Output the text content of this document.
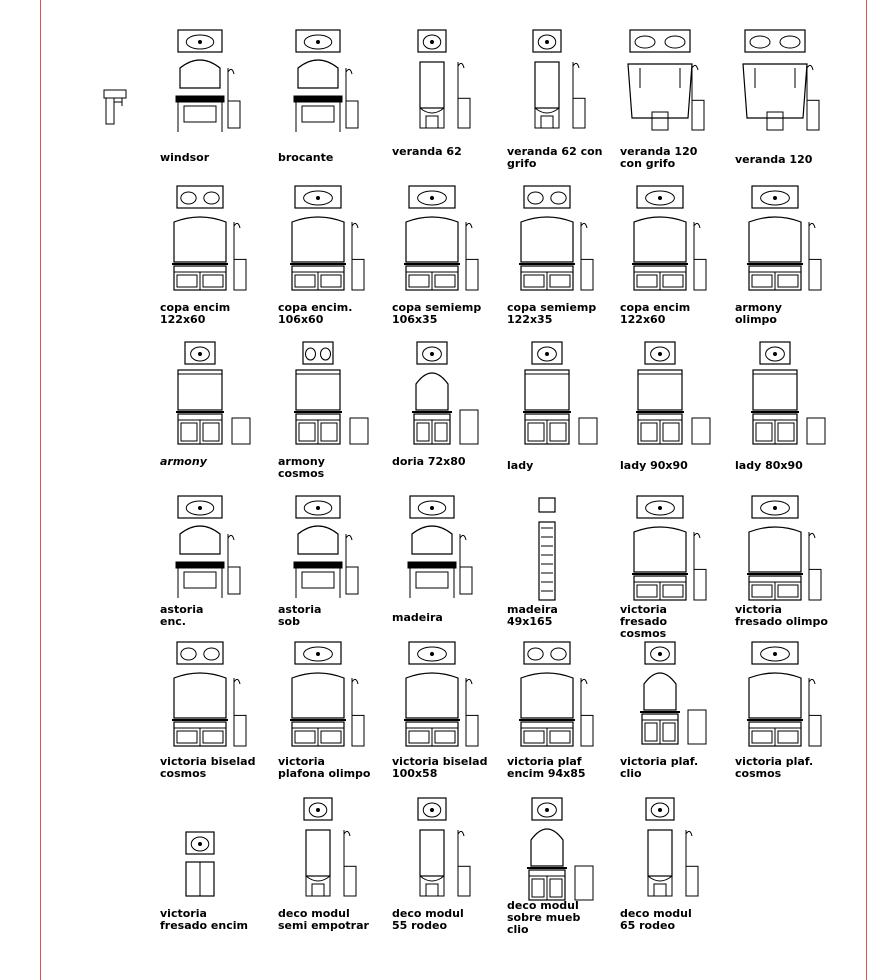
windsor	brocante	veranda 62	veranda 62 con
grifo
veranda 120
con grifo	veranda 120
copa encim
122x60
copa encim.
106x60
copa semiemp
106x35
copa semiemp
122x35
copa encim
122x60
armony
olimpo
armony	armony
cosmos
doria 72x80	lady	lady 90x90	lady 80x90
astoria
enc.
astoria
sob	madeira
madeira
49x165
victoria
fresado
cosmos
victoria
fresado olimpo
victoria biselad
cosmos
victoria
plafona olimpo
victoria biselad
100x58
victoria plaf
encim 94x85
victoria plaf.
clio
victoria plaf.
cosmos
victoria
fresado encim
deco modul
semi empotrar
deco modul
55 rodeo
deco modul
sobre mueb
clio
deco modul
65 rodeo
